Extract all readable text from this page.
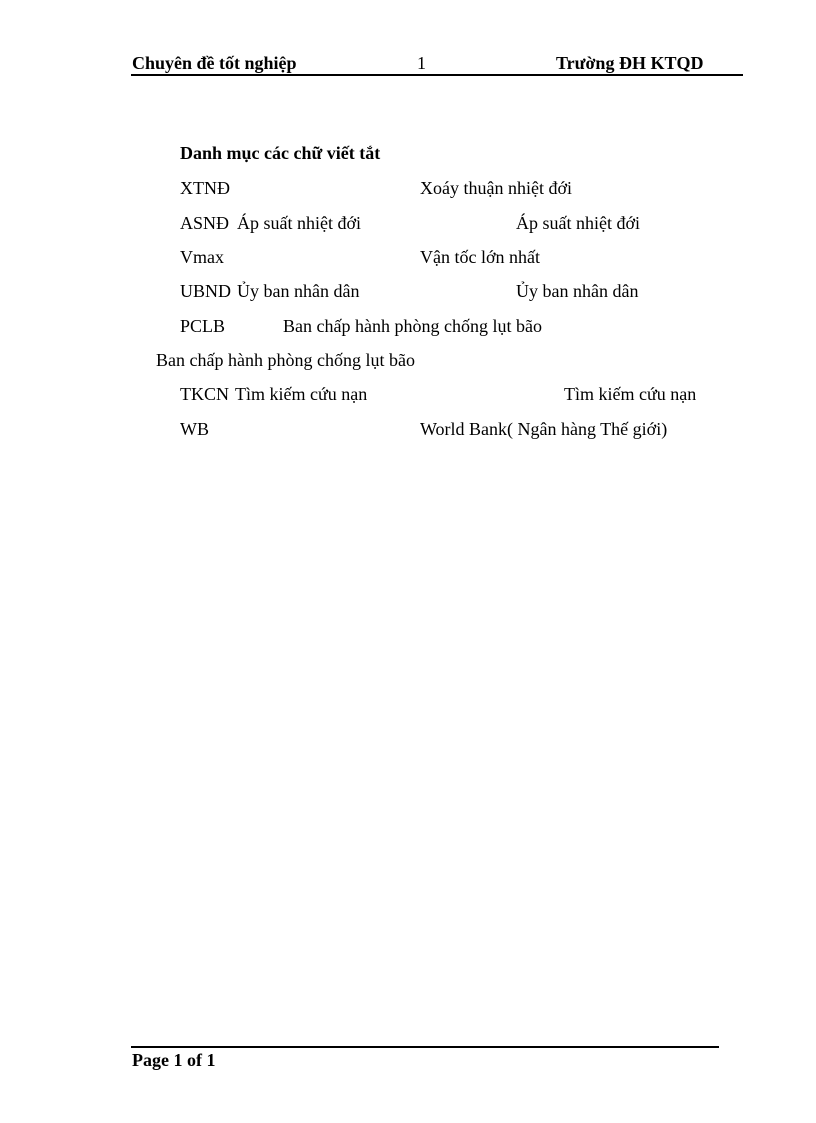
Chuyên đề tốt nghiệp	1	Trường ĐH KTQD
Danh mục các chữ viết tắt
XTNĐ	Xoáy thuận nhiệt đới
ASNĐ Áp suất nhiệt đới	Áp suất nhiệt đới
Vmax	Vận tốc lớn nhất
UBND Ủy ban nhân dân	Ủy ban nhân dân
PCLB	Ban chấp hành phòng chống lụt bão
Ban chấp hành phòng chống lụt bão
TKCN Tìm kiếm cứu nạn	Tìm kiếm cứu nạn
WB	World Bank( Ngân hàng Thế giới)
Page 1 of 1
